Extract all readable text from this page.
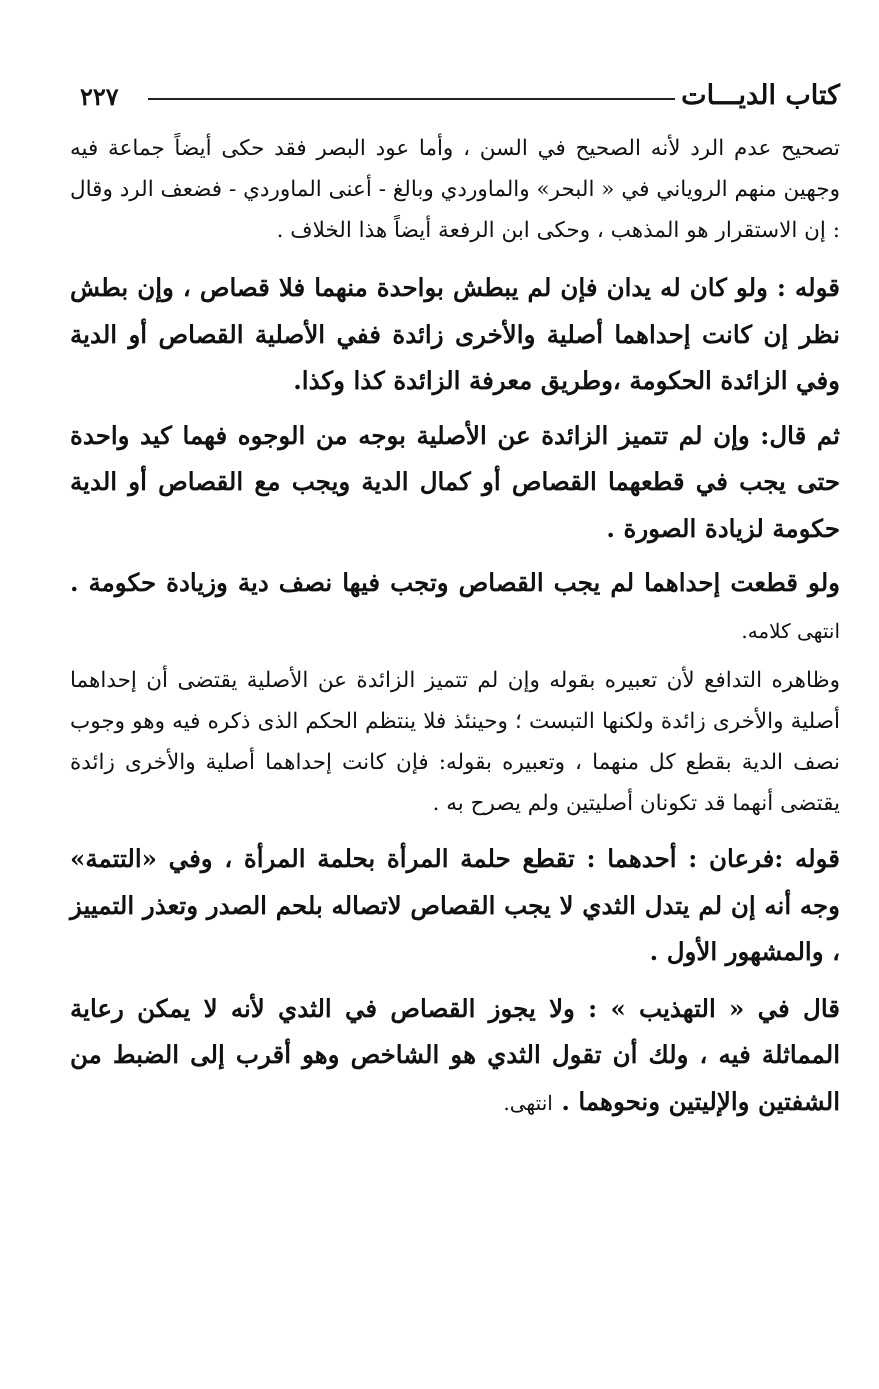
كتاب الديـــات
٢٢٧

تصحيح عدم الرد لأنه الصحيح في السن ، وأما عود البصر فقد حكى أيضاً جماعة فيه وجهين منهم الروياني في « البحر» والماوردي وبالغ - أعنى الماوردي - فضعف الرد وقال : إن الاستقرار هو المذهب ، وحكى ابن الرفعة أيضاً هذا الخلاف .

قوله : ولو كان له يدان فإن لم يبطش بواحدة منهما فلا قصاص ، وإن بطش نظر إن كانت إحداهما أصلية والأخرى زائدة ففي الأصلية القصاص أو الدية وفي الزائدة الحكومة ،وطريق معرفة الزائدة كذا وكذا.

ثم قال: وإن لم تتميز الزائدة عن الأصلية بوجه من الوجوه فهما كيد واحدة حتى يجب في قطعهما القصاص أو كمال الدية ويجب مع القصاص أو الدية حكومة لزيادة الصورة .

ولو قطعت إحداهما لم يجب القصاص وتجب فيها نصف دية وزيادة حكومة . انتهى كلامه.

وظاهره التدافع لأن تعبيره بقوله وإن لم تتميز الزائدة عن الأصلية يقتضى أن إحداهما أصلية والأخرى زائدة ولكنها التبست ؛ وحينئذ فلا ينتظم الحكم الذى ذكره فيه وهو وجوب نصف الدية بقطع كل منهما ، وتعبيره بقوله: فإن كانت إحداهما أصلية والأخرى زائدة يقتضى أنهما قد تكونان أصليتين ولم يصرح به .

قوله :فرعان : أحدهما : تقطع حلمة المرأة بحلمة المرأة ، وفي «التتمة» وجه أنه إن لم يتدل الثدي لا يجب القصاص لاتصاله بلحم الصدر وتعذر التمييز ، والمشهور الأول .

قال في « التهذيب » : ولا يجوز القصاص في الثدي لأنه لا يمكن رعاية المماثلة فيه ، ولك أن تقول الثدي هو الشاخص وهو أقرب إلى الضبط من الشفتين والإليتين ونحوهما . انتهى.
